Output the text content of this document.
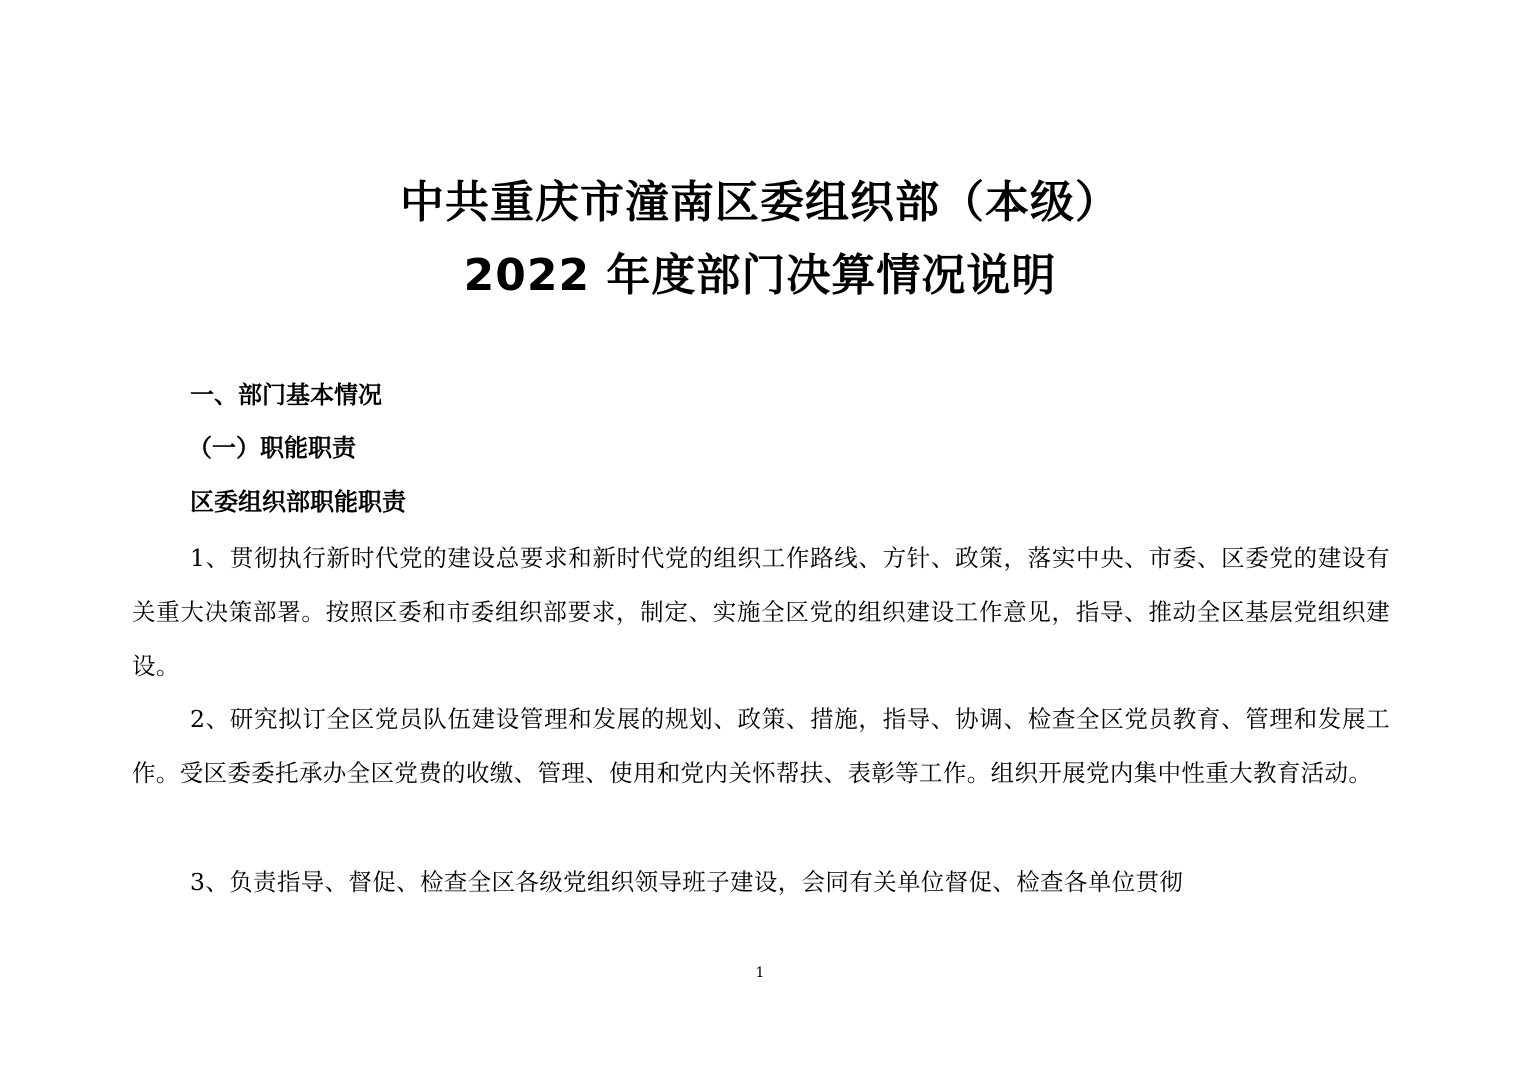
中共重庆市潼南区委组织部（本级）
2022 年度部门决算情况说明
一、部门基本情况
（一）职能职责
区委组织部职能职责

1、贯彻执行新时代党的建设总要求和新时代党的组织工作路线、方针、政策，落实中央、市委、区委党的建设有关重大决策部署。按照区委和市委组织部要求，制定、实施全区党的组织建设工作意见，指导、推动全区基层党组织建设。

2、研究拟订全区党员队伍建设管理和发展的规划、政策、措施，指导、协调、检查全区党员教育、管理和发展工作。受区委委托承办全区党费的收缴、管理、使用和党内关怀帮扶、表彰等工作。组织开展党内集中性重大教育活动。

3、负责指导、督促、检查全区各级党组织领导班子建设，会同有关单位督促、检查各单位贯彻

1
